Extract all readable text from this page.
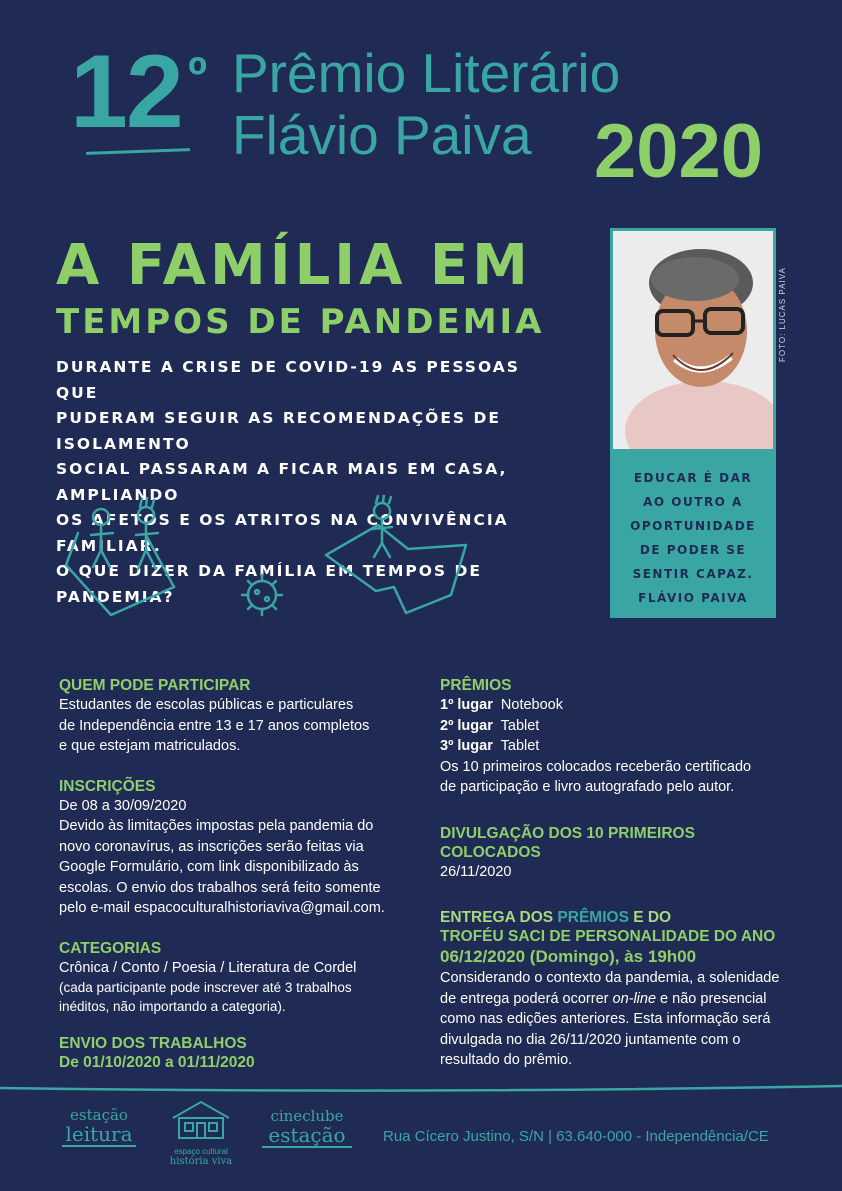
12 º Prêmio Literário
Flávio Paiva 2020
A FAMÍLIA EM
TEMPOS DE PANDEMIA
DURANTE A CRISE DE COVID-19 AS PESSOAS QUE
PUDERAM SEGUIR AS RECOMENDAÇÕES DE ISOLAMENTO
SOCIAL PASSARAM A FICAR MAIS EM CASA, AMPLIANDO
OS AFETOS E OS ATRITOS NA CONVIVÊNCIA FAMILIAR.
O QUE DIZER DA FAMÍLIA EM TEMPOS DE PANDEMIA?
FOTO: LUCAS PAIVA
EDUCAR É DAR
AO OUTRO A
OPORTUNIDADE
DE PODER SE
SENTIR CAPAZ.
FLÁVIO PAIVA
QUEM PODE PARTICIPAR
Estudantes de escolas públicas e particulares
de Independência entre 13 e 17 anos completos
e que estejam matriculados.
INSCRIÇÕES
De 08 a 30/09/2020
Devido às limitações impostas pela pandemia do
novo coronavírus, as inscrições serão feitas via
Google Formulário, com link disponibilizado às
escolas. O envio dos trabalhos será feito somente
pelo e-mail espacoculturalhistoriaviva@gmail.com.
CATEGORIAS
Crônica / Conto / Poesia / Literatura de Cordel
(cada participante pode inscrever até 3 trabalhos
inéditos, não importando a categoria).
ENVIO DOS TRABALHOS
De 01/10/2020 a 01/11/2020
PRÊMIOS
1º lugar Notebook
2º lugar Tablet
3º lugar Tablet
Os 10 primeiros colocados receberão certificado
de participação e livro autografado pelo autor.
DIVULGAÇÃO DOS 10 PRIMEIROS
COLOCADOS
26/11/2020
ENTREGA DOS PRÊMIOS E DO
TROFÉU SACI DE PERSONALIDADE DO ANO
06/12/2020 (Domingo), às 19h00
Considerando o contexto da pandemia, a solenidade
de entrega poderá ocorrer on-line e não presencial
como nas edições anteriores. Esta informação será
divulgada no dia 26/11/2020 juntamente com o
resultado do prêmio.
estação
leitura
espaço cultural
história viva
cineclube
estação	Rua Cícero Justino, S/N | 63.640-000 - Independência/CE
